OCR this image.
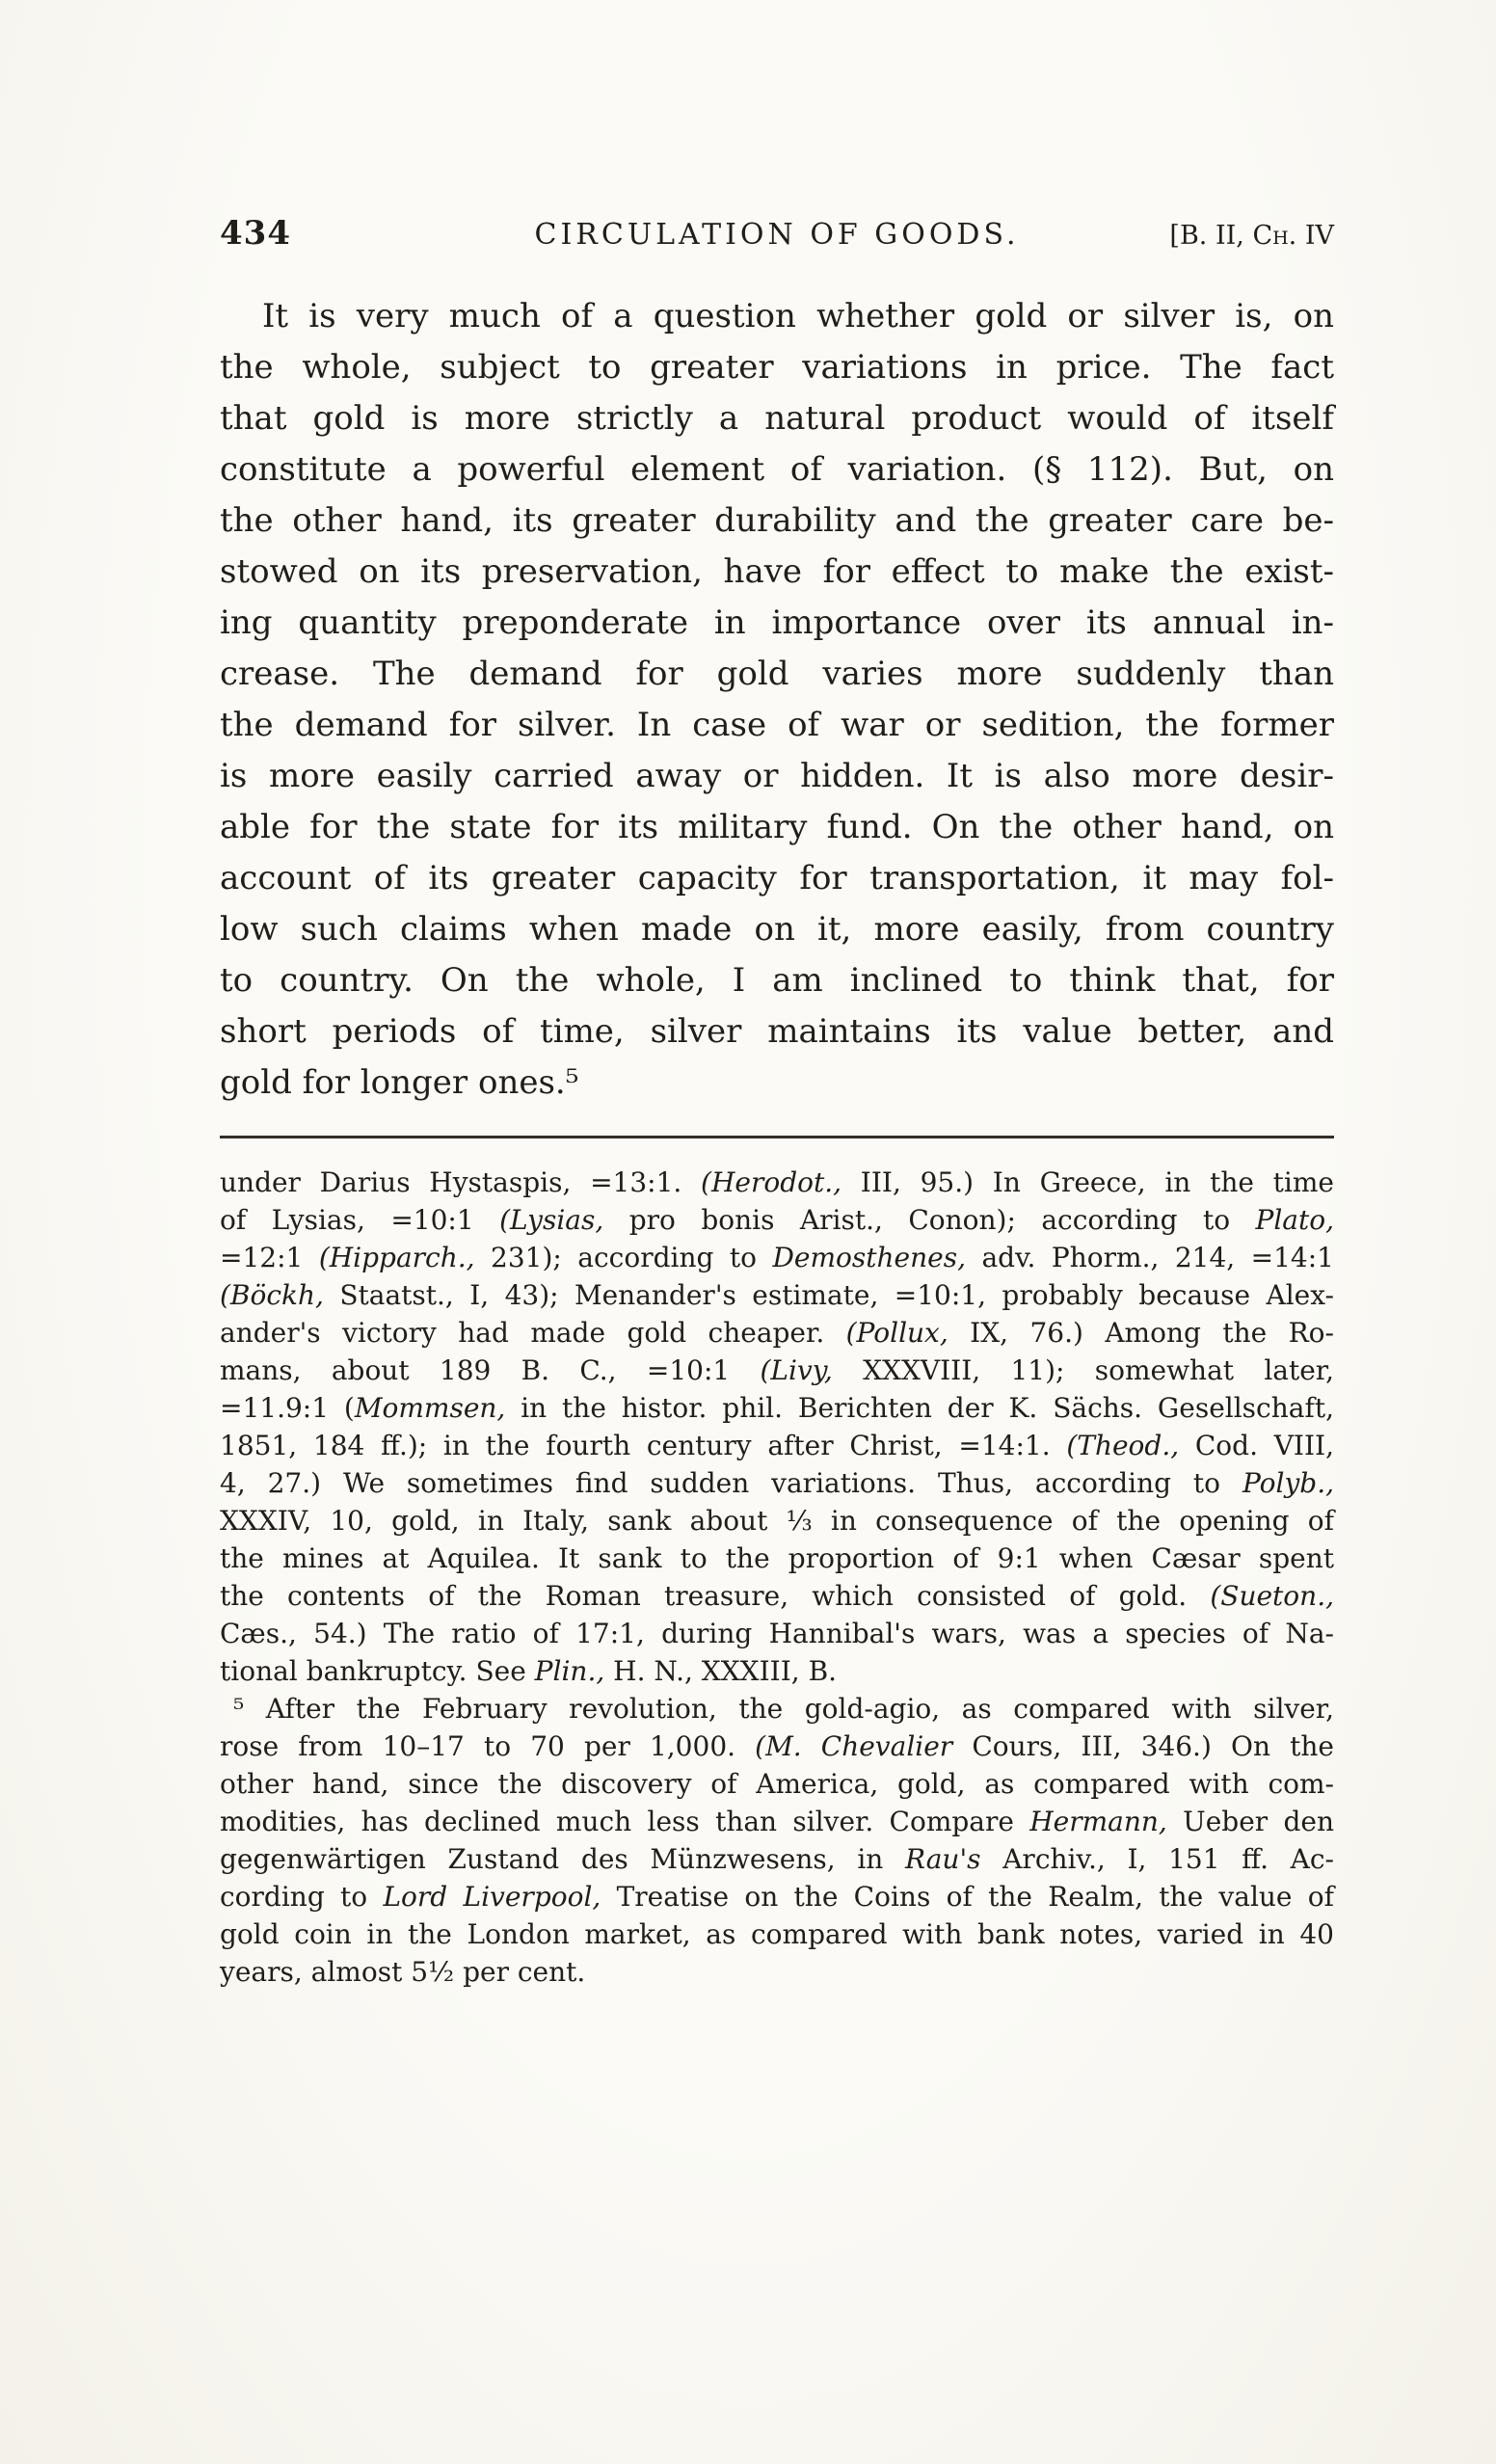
434	CIRCULATION OF GOODS.	[B. II, Ch. IV
It is very much of a question whether gold or silver is, on
the whole, subject to greater variations in price. The fact
that gold is more strictly a natural product would of itself
constitute a powerful element of variation. (§ 112). But, on
the other hand, its greater durability and the greater care be-
stowed on its preservation, have for effect to make the exist-
ing quantity preponderate in importance over its annual in-
crease. The demand for gold varies more suddenly than
the demand for silver. In case of war or sedition, the former
is more easily carried away or hidden. It is also more desir-
able for the state for its military fund. On the other hand, on
account of its greater capacity for transportation, it may fol-
low such claims when made on it, more easily, from country
to country. On the whole, I am inclined to think that, for
short periods of time, silver maintains its value better, and
gold for longer ones.⁵
under Darius Hystaspis, =13:1. (Herodot., III, 95.) In Greece, in the time
of Lysias, =10:1 (Lysias, pro bonis Arist., Conon); according to Plato,
=12:1 (Hipparch., 231); according to Demosthenes, adv. Phorm., 214, =14:1
(Böckh, Staatst., I, 43); Menander's estimate, =10:1, probably because Alex-
ander's victory had made gold cheaper. (Pollux, IX, 76.) Among the Ro-
mans, about 189 B. C., =10:1 (Livy, XXXVIII, 11); somewhat later,
=11.9:1 (Mommsen, in the histor. phil. Berichten der K. Sächs. Gesellschaft,
1851, 184 ff.); in the fourth century after Christ, =14:1. (Theod., Cod. VIII,
4, 27.) We sometimes find sudden variations. Thus, according to Polyb.,
XXXIV, 10, gold, in Italy, sank about ⅓ in consequence of the opening of
the mines at Aquilea. It sank to the proportion of 9:1 when Cæsar spent
the contents of the Roman treasure, which consisted of gold. (Sueton.,
Cæs., 54.) The ratio of 17:1, during Hannibal's wars, was a species of Na-
tional bankruptcy. See Plin., H. N., XXXIII, B.
⁵ After the February revolution, the gold-agio, as compared with silver,
rose from 10–17 to 70 per 1,000. (M. Chevalier Cours, III, 346.) On the
other hand, since the discovery of America, gold, as compared with com-
modities, has declined much less than silver. Compare Hermann, Ueber den
gegenwärtigen Zustand des Münzwesens, in Rau's Archiv., I, 151 ff. Ac-
cording to Lord Liverpool, Treatise on the Coins of the Realm, the value of
gold coin in the London market, as compared with bank notes, varied in 40
years, almost 5½ per cent.
